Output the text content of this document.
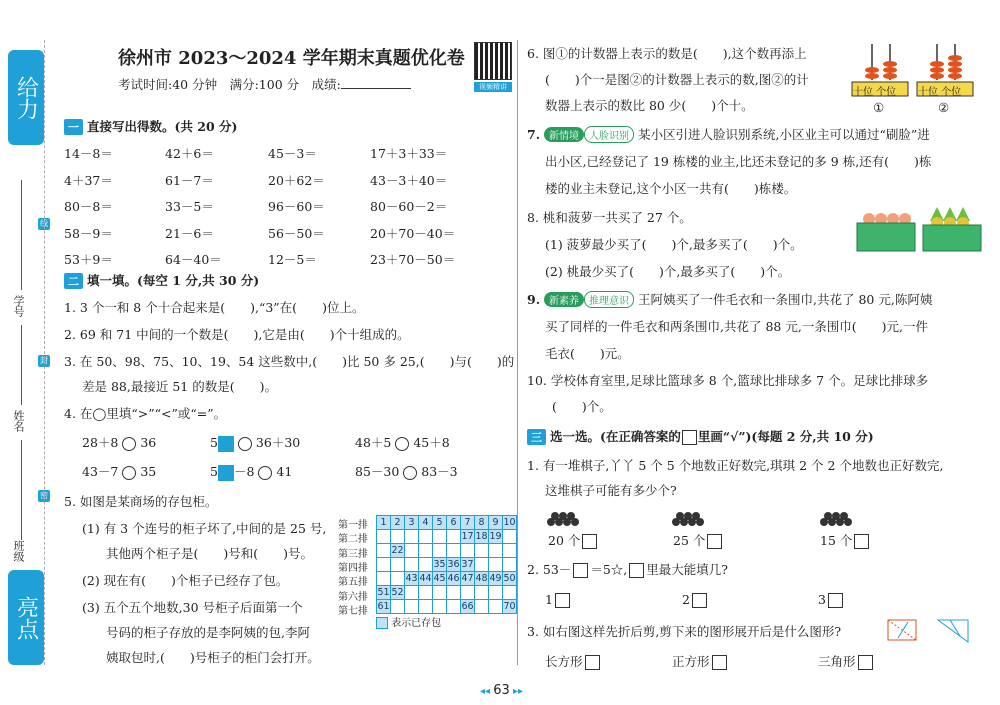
给力
学号
姓名
班级
亮点
线
封
密
徐州市 2023～2024 学年期末真题优化卷
考试时间:40 分钟　满分:100 分　成绩:	视频精讲
一 直接写出得数。(共 20 分)
14－8＝	42＋6＝	45－3＝	17＋3＋33＝
4＋37＝	61－7＝	20＋62＝	43－3＋40＝
80－8＝	33－5＝	96－60＝	80－60－2＝
58－9＝	21－6＝	56－50＝	20＋70－40＝
53＋9＝	64－40＝	12－5＝	23＋70－50＝
二 填一填。(每空 1 分,共 30 分)
1. 3 个一和 8 个十合起来是(　　),“3”在(　　)位上。
2. 69 和 71 中间的一个数是(　　),它是由(　　)个十组成的。
3. 在 50、98、75、10、19、54 这些数中,(　　)比 50 多 25,(　　)与(　　)的
差是 88,最接近 51 的数是(　　)。
4. 在◯里填“>”“<”或“=”。
28＋8 36	5	36＋30	48＋5 45＋8
43－7 35	5 －8 41	85－30 83－3
5. 如图是某商场的存包柜。
(1) 有 3 个连号的柜子坏了,中间的是 25 号,
其他两个柜子是(　　)号和(　　)号。
(2) 现在有(　　)个柜子已经存了包。
(3) 五个五个地数,30 号柜子后面第一个
号码的柜子存放的是李阿姨的包,李阿
姨取包时,(　　)号柜子的柜门会打开。
第一排
第二排
第三排
第四排
第五排
第六排
第七排
1	2	3	4	5	6	7	8	9	10
						17	18	19	
	22								
				35	36	37			
		43	44	45	46	47	48	49	50
51	52								
61						66			70
表示已存包
6. 图①的计数器上表示的数是(　　),这个数再添上
(　　)个一是图②的计数器上表示的数,图②的计
数器上表示的数比 80 少(　　)个十。
十位 个位 十位 个位
①	②
7. 新情境 人脸识别 某小区引进人脸识别系统,小区业主可以通过“刷脸”进
出小区,已经登记了 19 栋楼的业主,比还未登记的多 9 栋,还有(　　)栋
楼的业主未登记,这个小区一共有(　　)栋楼。
8. 桃和菠萝一共买了 27 个。
(1) 菠萝最少买了(　　)个,最多买了(　　)个。
(2) 桃最少买了(　　)个,最多买了(　　)个。
9. 新素养 推理意识 王阿姨买了一件毛衣和一条围巾,共花了 80 元,陈阿姨
买了同样的一件毛衣和两条围巾,共花了 88 元,一条围巾(　　)元,一件
毛衣(　　)元。
10. 学校体育室里,足球比篮球多 8 个,篮球比排球多 7 个。足球比排球多
(　　)个。
三 选一选。(在正确答案的 里画“√”)(每题 2 分,共 10 分)
1. 有一堆棋子,丫丫 5 个 5 个地数正好数完,琪琪 2 个 2 个地数也正好数完,
这堆棋子可能有多少个?
20 个	25 个	15 个
2. 53－ ＝5☆, 里最大能填几?
1	2	3
3. 如右图这样先折后剪,剪下来的图形展开后是什么图形?
长方形	正方形	三角形
◂◂ 63 ▸▸
